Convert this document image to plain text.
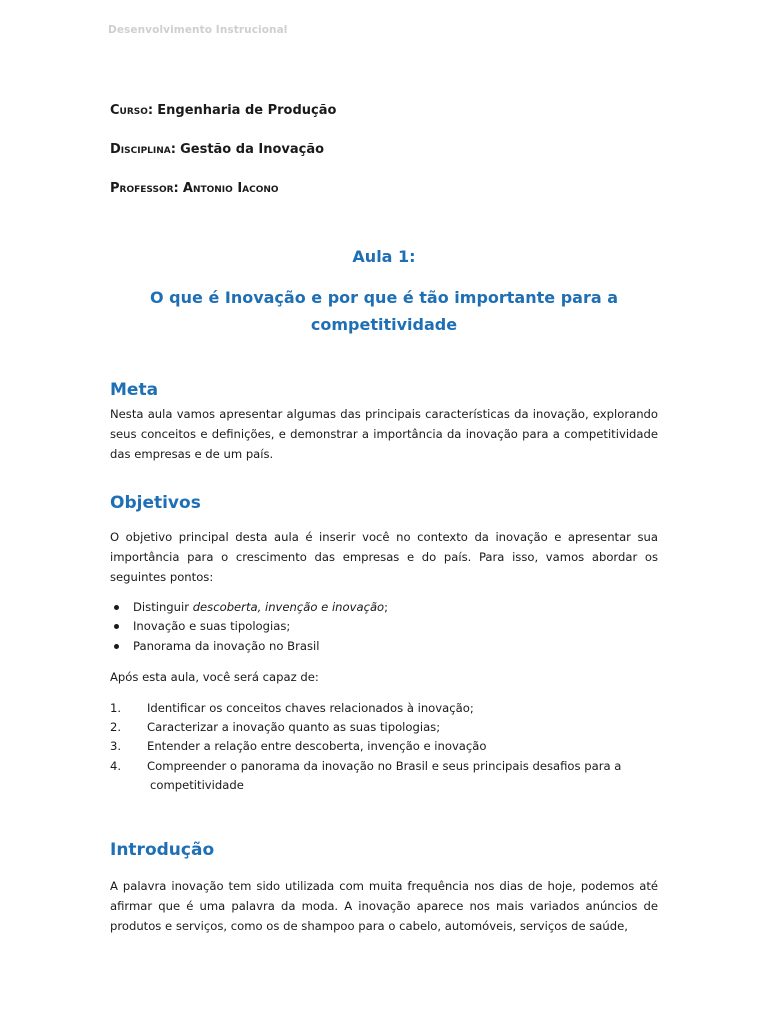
Desenvolvimento Instrucional
Curso: Engenharia de Produção
Disciplina: Gestão da Inovação
Professor: Antonio Iacono
Aula 1:
O que é Inovação e por que é tão importante para a
competitividade
Meta
Nesta aula vamos apresentar algumas das principais características da inovação, explorando seus conceitos e definições, e demonstrar a importância da inovação para a competitividade das empresas e de um país.
Objetivos
O objetivo principal desta aula é inserir você no contexto da inovação e apresentar sua importância para o crescimento das empresas e do país. Para isso, vamos abordar os seguintes pontos:
Distinguir descoberta, invenção e inovação;
Inovação e suas tipologias;
Panorama da inovação no Brasil
Após esta aula, você será capaz de:
1. Identificar os conceitos chaves relacionados à inovação;
2. Caracterizar a inovação quanto as suas tipologias;
3. Entender a relação entre descoberta, invenção e inovação
4. Compreender o panorama da inovação no Brasil e seus principais desafios para a
competitividade
Introdução
A palavra inovação tem sido utilizada com muita frequência nos dias de hoje, podemos até afirmar que é uma palavra da moda. A inovação aparece nos mais variados anúncios de produtos e serviços, como os de shampoo para o cabelo, automóveis, serviços de saúde,
